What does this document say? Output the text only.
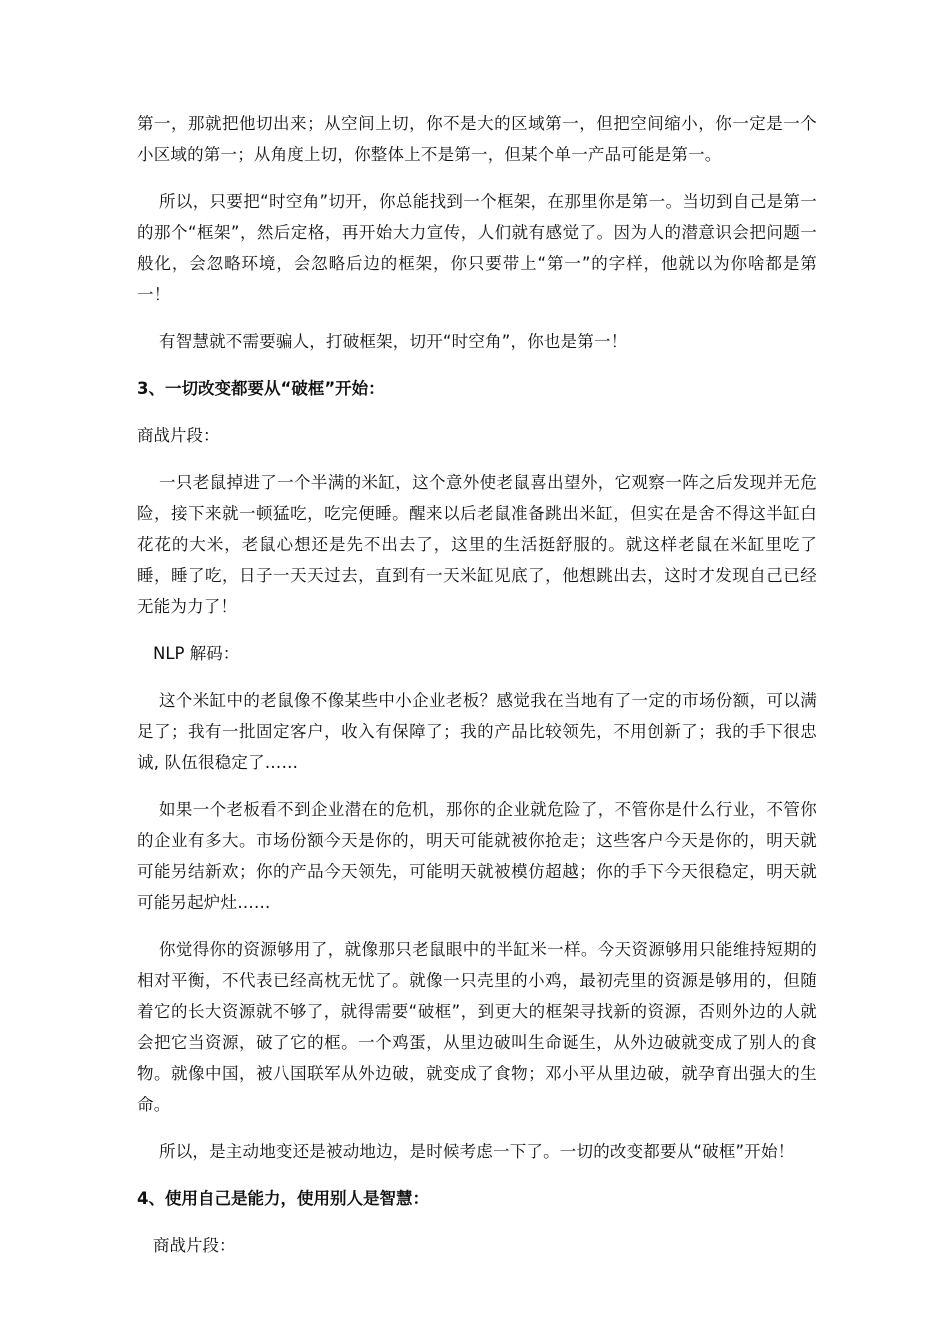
第一，那就把他切出来；从空间上切，你不是大的区域第一，但把空间缩小，你一定是一个小区域的第一；从角度上切，你整体上不是第一，但某个单一产品可能是第一。

所以，只要把“时空角”切开，你总能找到一个框架，在那里你是第一。当切到自己是第一的那个“框架”，然后定格，再开始大力宣传，人们就有感觉了。因为人的潜意识会把问题一般化，会忽略环境，会忽略后边的框架，你只要带上“第一”的字样，他就以为你啥都是第一！

有智慧就不需要骗人，打破框架，切开“时空角”，你也是第一！

3、一切改变都要从“破框”开始：

商战片段：

一只老鼠掉进了一个半满的米缸，这个意外使老鼠喜出望外，它观察一阵之后发现并无危险，接下来就一顿猛吃，吃完便睡。醒来以后老鼠准备跳出米缸，但实在是舍不得这半缸白花花的大米，老鼠心想还是先不出去了，这里的生活挺舒服的。就这样老鼠在米缸里吃了睡，睡了吃，日子一天天过去，直到有一天米缸见底了，他想跳出去，这时才发现自己已经无能为力了！

NLP 解码：

这个米缸中的老鼠像不像某些中小企业老板？感觉我在当地有了一定的市场份额，可以满足了；我有一批固定客户，收入有保障了；我的产品比较领先，不用创新了；我的手下很忠诚, 队伍很稳定了……

如果一个老板看不到企业潜在的危机，那你的企业就危险了，不管你是什么行业，不管你的企业有多大。市场份额今天是你的，明天可能就被你抢走；这些客户今天是你的，明天就可能另结新欢；你的产品今天领先，可能明天就被模仿超越；你的手下今天很稳定，明天就可能另起炉灶……

你觉得你的资源够用了，就像那只老鼠眼中的半缸米一样。今天资源够用只能维持短期的相对平衡，不代表已经高枕无忧了。就像一只壳里的小鸡，最初壳里的资源是够用的，但随着它的长大资源就不够了，就得需要“破框”，到更大的框架寻找新的资源，否则外边的人就会把它当资源，破了它的框。一个鸡蛋，从里边破叫生命诞生，从外边破就变成了别人的食物。就像中国，被八国联军从外边破，就变成了食物；邓小平从里边破，就孕育出强大的生命。

所以，是主动地变还是被动地边，是时候考虑一下了。一切的改变都要从“破框”开始！

4、使用自己是能力，使用别人是智慧：

商战片段：
